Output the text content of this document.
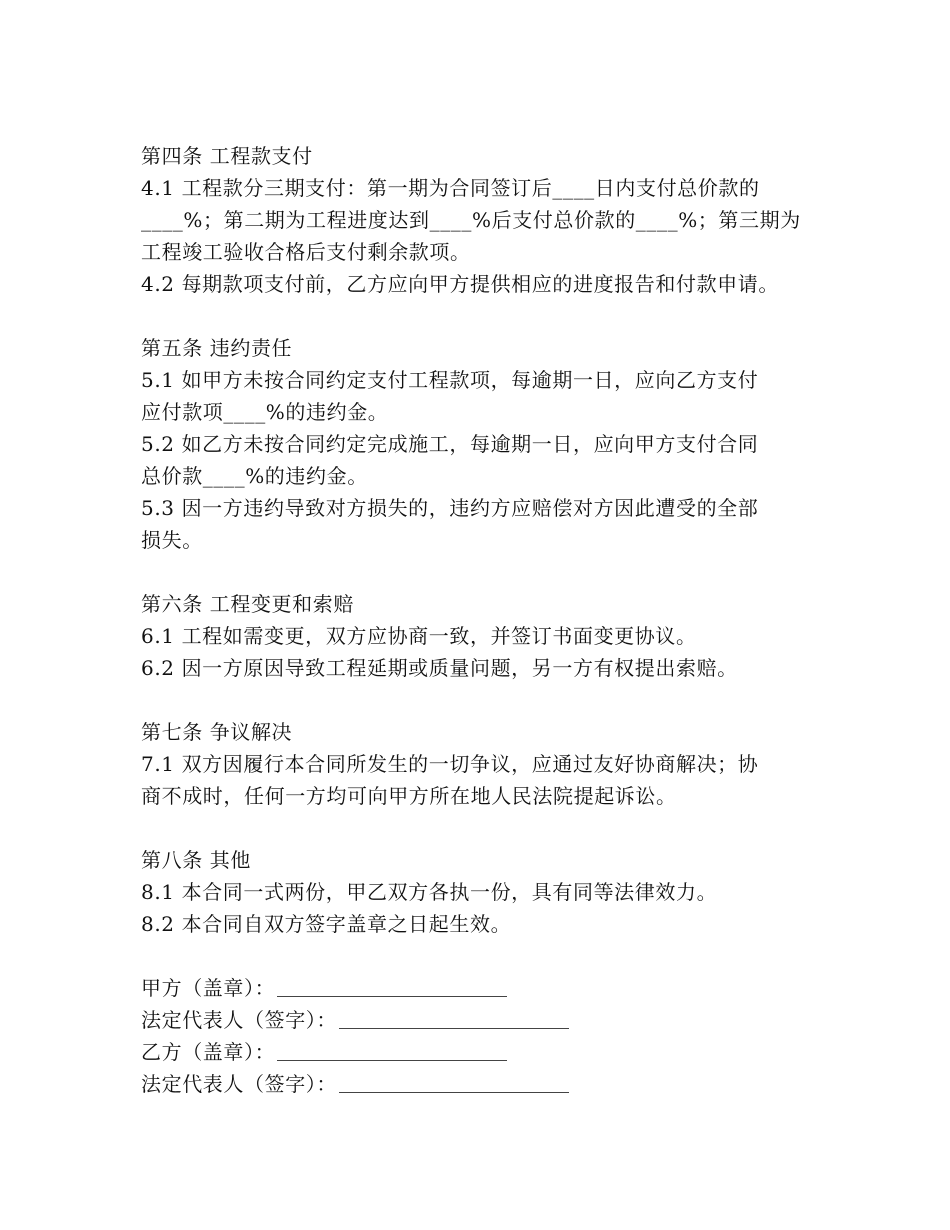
第四条 工程款支付
4.1 工程款分三期支付：第一期为合同签订后____日内支付总价款的
____%；第二期为工程进度达到____%后支付总价款的____%；第三期为
工程竣工验收合格后支付剩余款项。
4.2 每期款项支付前，乙方应向甲方提供相应的进度报告和付款申请。
第五条 违约责任
5.1 如甲方未按合同约定支付工程款项，每逾期一日，应向乙方支付
应付款项____%的违约金。
5.2 如乙方未按合同约定完成施工，每逾期一日，应向甲方支付合同
总价款____%的违约金。
5.3 因一方违约导致对方损失的，违约方应赔偿对方因此遭受的全部
损失。
第六条 工程变更和索赔
6.1 工程如需变更，双方应协商一致，并签订书面变更协议。
6.2 因一方原因导致工程延期或质量问题，另一方有权提出索赔。
第七条 争议解决
7.1 双方因履行本合同所发生的一切争议，应通过友好协商解决；协
商不成时，任何一方均可向甲方所在地人民法院提起诉讼。
第八条 其他
8.1 本合同一式两份，甲乙双方各执一份，具有同等法律效力。
8.2 本合同自双方签字盖章之日起生效。
甲方（盖章）：
法定代表人（签字）：
乙方（盖章）：
法定代表人（签字）：
